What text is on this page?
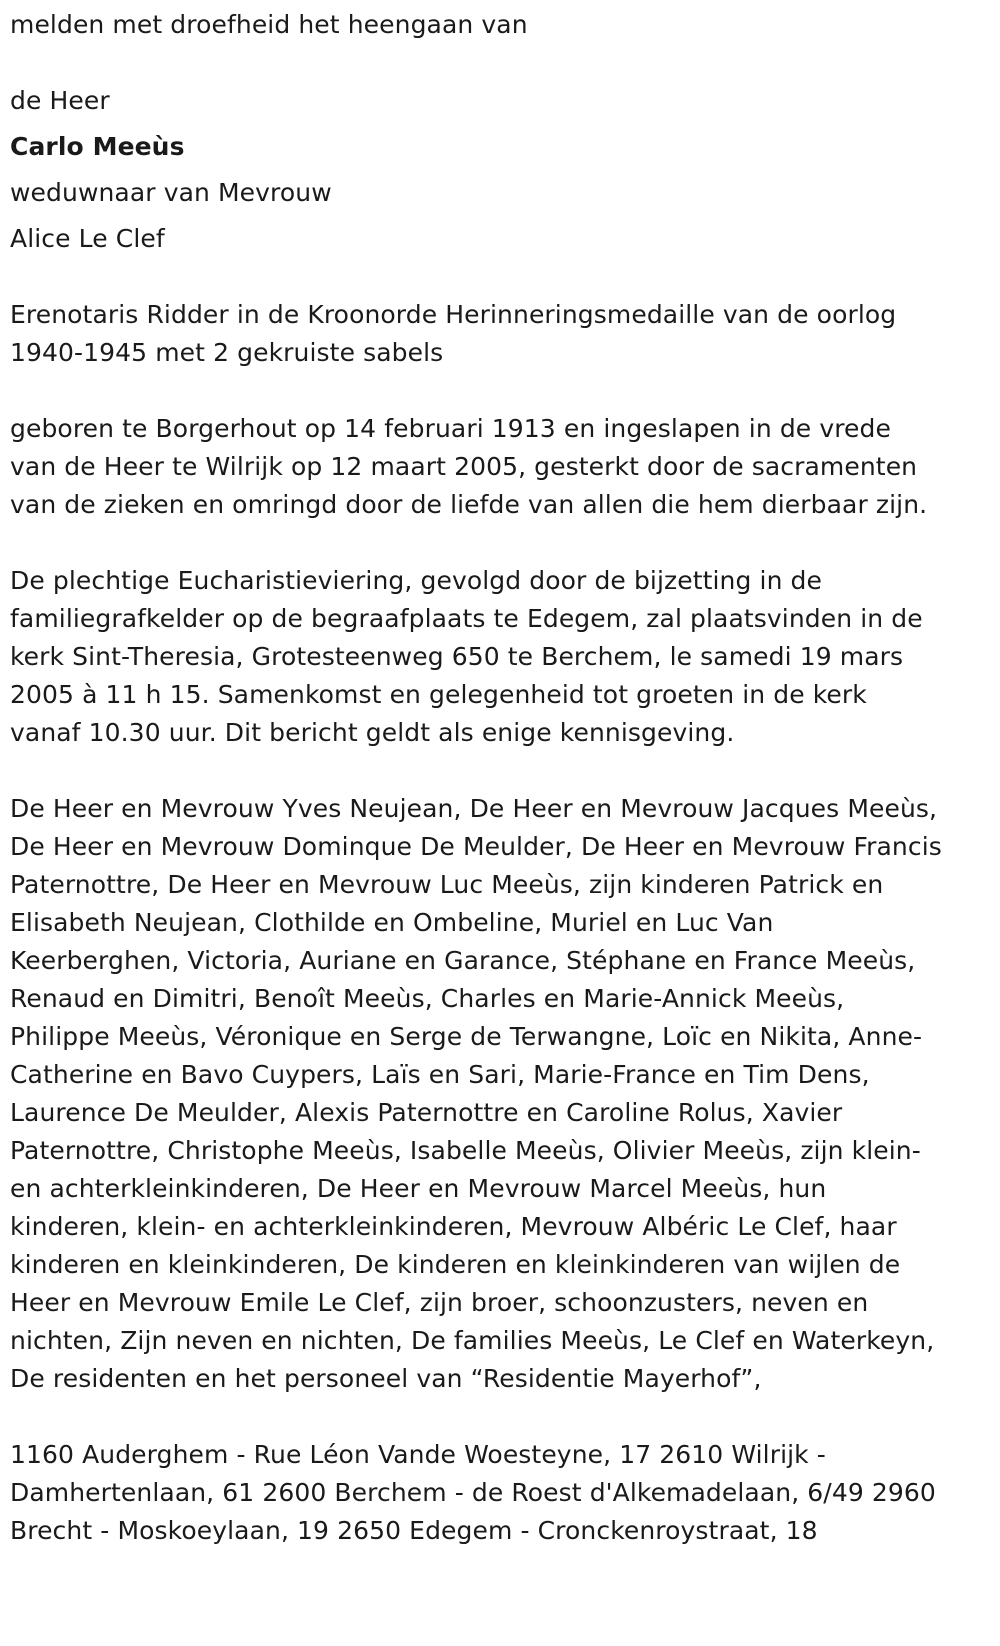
melden met droefheid het heengaan van

de Heer

Carlo Meeùs

weduwnaar van Mevrouw

Alice Le Clef

Erenotaris Ridder in de Kroonorde Herinneringsmedaille van de oorlog 1940-1945 met 2 gekruiste sabels

geboren te Borgerhout op 14 februari 1913 en ingeslapen in de vrede van de Heer te Wilrijk op 12 maart 2005, gesterkt door de sacramenten van de zieken en omringd door de liefde van allen die hem dierbaar zijn.

De plechtige Eucharistieviering, gevolgd door de bijzetting in de familiegrafkelder op de begraafplaats te Edegem, zal plaatsvinden in de kerk Sint-Theresia, Grotesteenweg 650 te Berchem, le samedi 19 mars 2005 à 11 h 15. Samenkomst en gelegenheid tot groeten in de kerk vanaf 10.30 uur. Dit bericht geldt als enige kennisgeving.

De Heer en Mevrouw Yves Neujean, De Heer en Mevrouw Jacques Meeùs, De Heer en Mevrouw Dominque De Meulder, De Heer en Mevrouw Francis Paternottre, De Heer en Mevrouw Luc Meeùs, zijn kinderen Patrick en Elisabeth Neujean, Clothilde en Ombeline, Muriel en Luc Van Keerberghen, Victoria, Auriane en Garance, Stéphane en France Meeùs, Renaud en Dimitri, Benoît Meeùs, Charles en Marie-Annick Meeùs, Philippe Meeùs, Véronique en Serge de Terwangne, Loïc en Nikita, Anne-Catherine en Bavo Cuypers, Laïs en Sari, Marie-France en Tim Dens, Laurence De Meulder, Alexis Paternottre en Caroline Rolus, Xavier Paternottre, Christophe Meeùs, Isabelle Meeùs, Olivier Meeùs, zijn klein- en achterkleinkinderen, De Heer en Mevrouw Marcel Meeùs, hun kinderen, klein- en achterkleinkinderen, Mevrouw Albéric Le Clef, haar kinderen en kleinkinderen, De kinderen en kleinkinderen van wijlen de Heer en Mevrouw Emile Le Clef, zijn broer, schoonzusters, neven en nichten, Zijn neven en nichten, De families Meeùs, Le Clef en Waterkeyn, De residenten en het personeel van “Residentie Mayerhof”,

1160 Auderghem - Rue Léon Vande Woesteyne, 17 2610 Wilrijk - Damhertenlaan, 61 2600 Berchem - de Roest d'Alkemadelaan, 6/49 2960 Brecht - Moskoeylaan, 19 2650 Edegem - Cronckenroystraat, 18
